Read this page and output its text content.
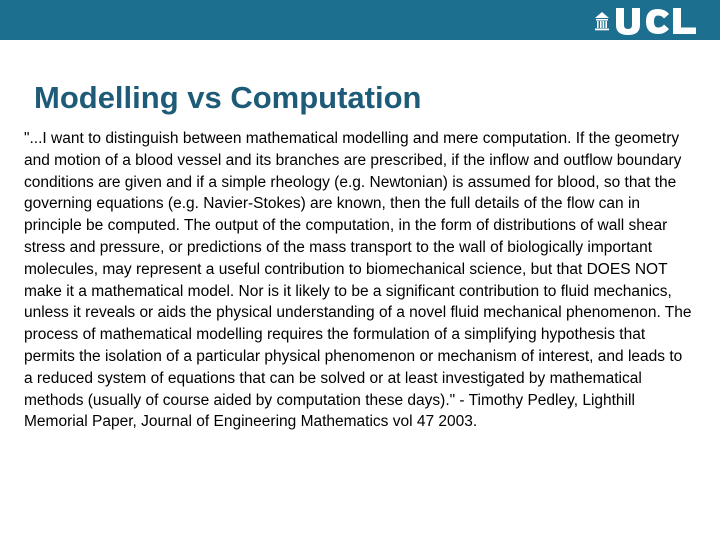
Modelling vs Computation

"...I want to distinguish between mathematical modelling and mere computation. If the geometry and motion of a blood vessel and its branches are prescribed, if the inflow and outflow boundary conditions are given and if a simple rheology (e.g. Newtonian) is assumed for blood, so that the governing equations (e.g. Navier-Stokes) are known, then the full details of the flow can in principle be computed. The output of the computation, in the form of distributions of wall shear stress and pressure, or predictions of the mass transport to the wall of biologically important molecules, may represent a useful contribution to biomechanical science, but that DOES NOT make it a mathematical model. Nor is it likely to be a significant contribution to fluid mechanics, unless it reveals or aids the physical understanding of a novel fluid mechanical phenomenon. The process of mathematical modelling requires the formulation of a simplifying hypothesis that permits the isolation of a particular physical phenomenon or mechanism of interest, and leads to a reduced system of equations that can be solved or at least investigated by mathematical methods (usually of course aided by computation these days)." - Timothy Pedley, Lighthill Memorial Paper, Journal of Engineering Mathematics vol 47 2003.
